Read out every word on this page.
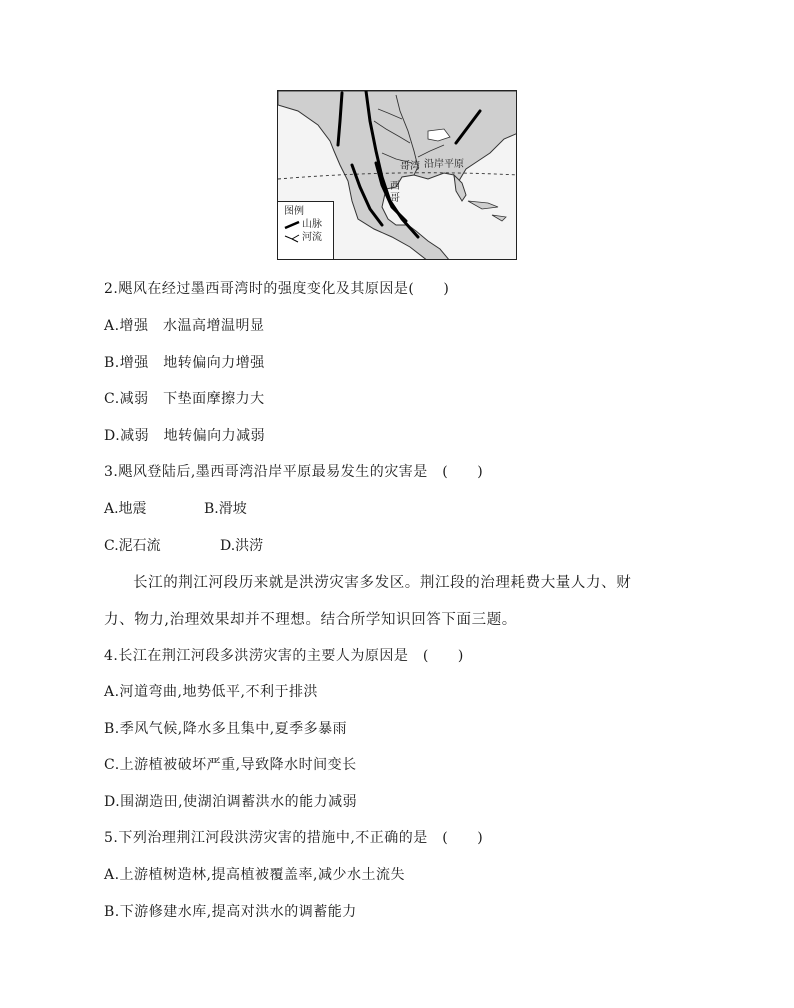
哥湾 沿岸平原
西
哥
图例
山脉
河流
2.飓风在经过墨西哥湾时的强度变化及其原因是(　　)
A.增强　水温高增温明显
B.增强　地转偏向力增强
C.减弱　下垫面摩擦力大
D.减弱　地转偏向力减弱
3.飓风登陆后,墨西哥湾沿岸平原最易发生的灾害是　(　　)
A.地震	B.滑坡
C.泥石流	D.洪涝
长江的荆江河段历来就是洪涝灾害多发区。荆江段的治理耗费大量人力、财
力、物力,治理效果却并不理想。结合所学知识回答下面三题。
4.长江在荆江河段多洪涝灾害的主要人为原因是　(　　)
A.河道弯曲,地势低平,不利于排洪
B.季风气候,降水多且集中,夏季多暴雨
C.上游植被破坏严重,导致降水时间变长
D.围湖造田,使湖泊调蓄洪水的能力减弱
5.下列治理荆江河段洪涝灾害的措施中,不正确的是　(　　)
A.上游植树造林,提高植被覆盖率,减少水土流失
B.下游修建水库,提高对洪水的调蓄能力
